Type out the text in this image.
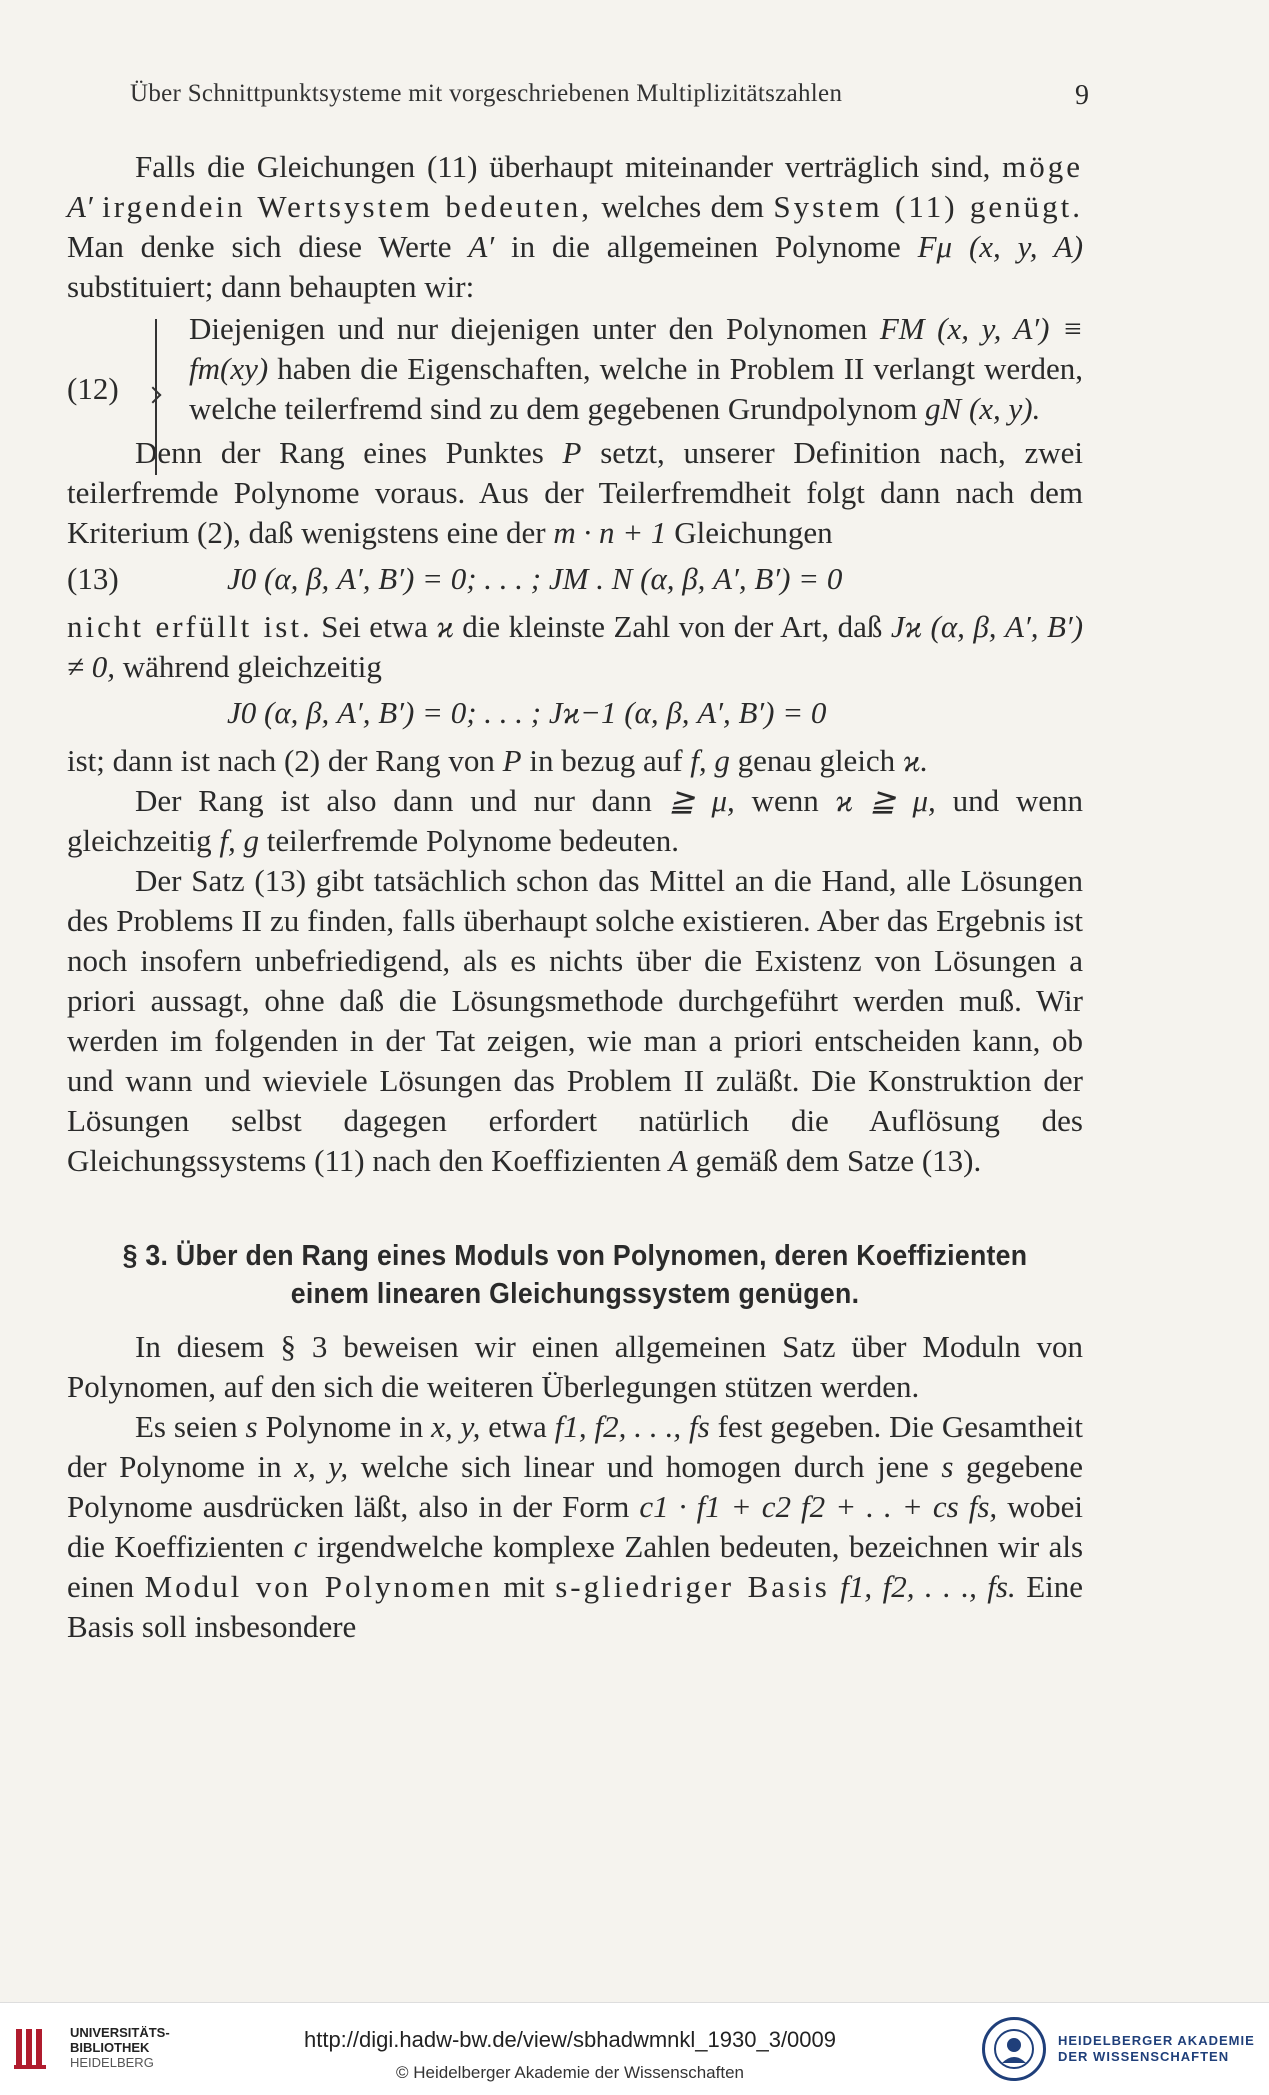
Über Schnittpunktsysteme mit vorgeschriebenen Multiplizitätszahlen	9

Falls die Gleichungen (11) überhaupt miteinander verträglich sind, möge A′ irgendein Wertsystem bedeuten, welches dem System (11) genügt. Man denke sich diese Werte A′ in die allgemeinen Polynome Fμ (x, y, A) substituiert; dann behaupten wir:

(12)
Diejenigen und nur diejenigen unter den Polynomen FM (x, y, A′) ≡ fm(xy) haben die Eigenschaften, welche in Problem II verlangt werden, welche teilerfremd sind zu dem gegebenen Grundpolynom gN (x, y).

Denn der Rang eines Punktes P setzt, unserer Definition nach, zwei teilerfremde Polynome voraus. Aus der Teilerfremdheit folgt dann nach dem Kriterium (2), daß wenigstens eine der m · n + 1 Gleichungen

(13)	J0 (α, β, A′, B′) = 0; . . . ; JM . N (α, β, A′, B′) = 0

nicht erfüllt ist. Sei etwa ϰ die kleinste Zahl von der Art, daß Jϰ (α, β, A′, B′) ≠ 0, während gleichzeitig

J0 (α, β, A′, B′) = 0; . . . ; Jϰ−1 (α, β, A′, B′) = 0

ist; dann ist nach (2) der Rang von P in bezug auf f, g genau gleich ϰ.

Der Rang ist also dann und nur dann ≧ μ, wenn ϰ ≧ μ, und wenn gleichzeitig f, g teilerfremde Polynome bedeuten.

Der Satz (13) gibt tatsächlich schon das Mittel an die Hand, alle Lösungen des Problems II zu finden, falls überhaupt solche existieren. Aber das Ergebnis ist noch insofern unbefriedigend, als es nichts über die Existenz von Lösungen a priori aussagt, ohne daß die Lösungsmethode durchgeführt werden muß. Wir werden im folgenden in der Tat zeigen, wie man a priori entscheiden kann, ob und wann und wieviele Lösungen das Problem II zuläßt. Die Konstruktion der Lösungen selbst dagegen erfordert natürlich die Auflösung des Gleichungssystems (11) nach den Koeffizienten A gemäß dem Satze (13).

§ 3. Über den Rang eines Moduls von Polynomen, deren Koeffizienten
einem linearen Gleichungssystem genügen.

In diesem § 3 beweisen wir einen allgemeinen Satz über Moduln von Polynomen, auf den sich die weiteren Überlegungen stützen werden.

Es seien s Polynome in x, y, etwa f1, f2, . . ., fs fest gegeben. Die Gesamtheit der Polynome in x, y, welche sich linear und homogen durch jene s gegebene Polynome ausdrücken läßt, also in der Form c1 · f1 + c2 f2 + . . + cs fs, wobei die Koeffizienten c irgendwelche komplexe Zahlen bedeuten, bezeichnen wir als einen Modul von Polynomen mit s-gliedriger Basis f1, f2, . . ., fs. Eine Basis soll insbesondere

UNIVERSITÄTS-
BIBLIOTHEK
HEIDELBERG
http://digi.hadw-bw.de/view/sbhadwmnkl_1930_3/0009
© Heidelberger Akademie der Wissenschaften
HEIDELBERGER AKADEMIE
DER WISSENSCHAFTEN
